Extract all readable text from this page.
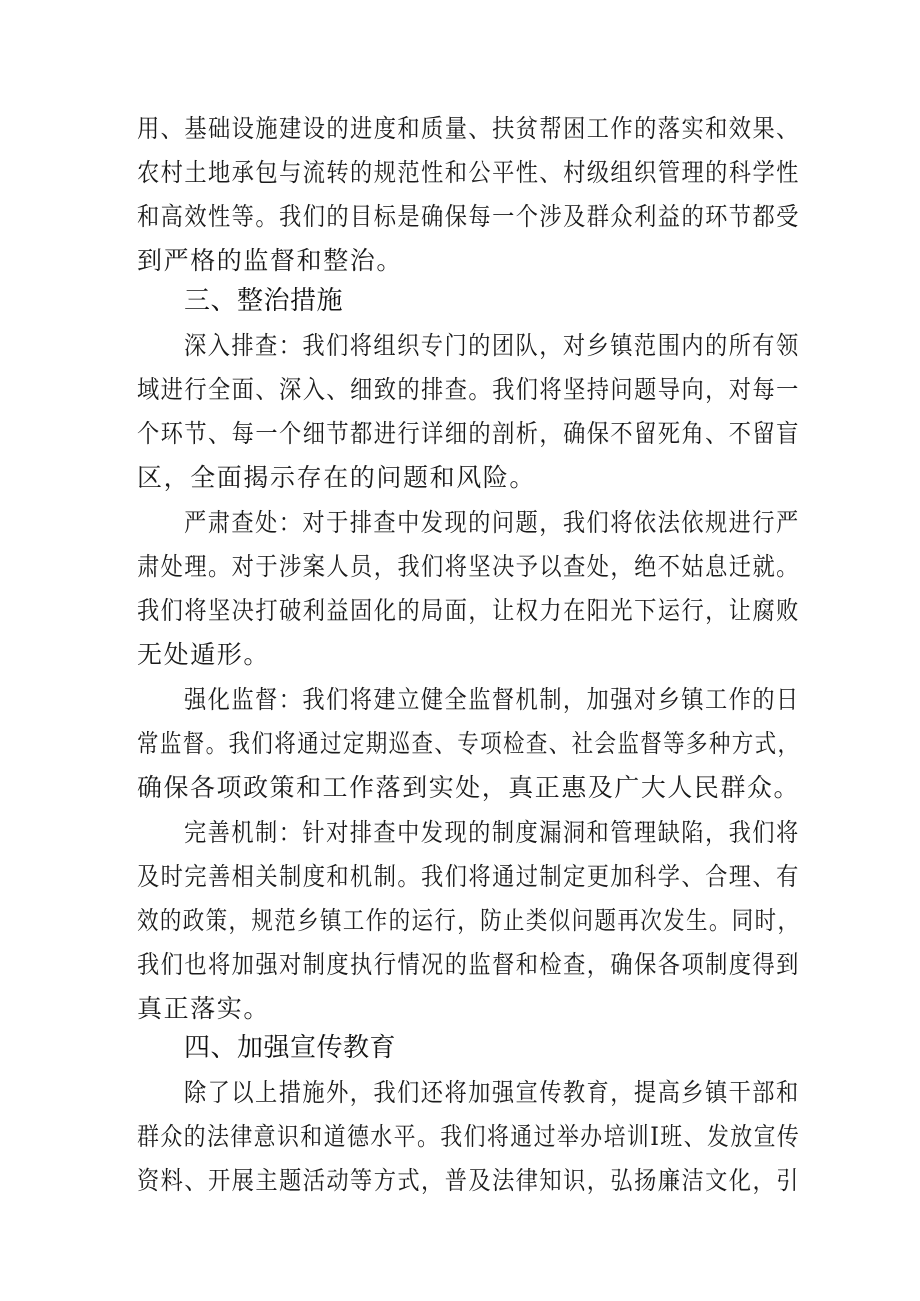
用、基础设施建设的进度和质量、扶贫帮困工作的落实和效果、
农村土地承包与流转的规范性和公平性、村级组织管理的科学性
和高效性等。我们的目标是确保每一个涉及群众利益的环节都受
到严格的监督和整治。
三、整治措施
深入排查：我们将组织专门的团队，对乡镇范围内的所有领
域进行全面、深入、细致的排查。我们将坚持问题导向，对每一
个环节、每一个细节都进行详细的剖析，确保不留死角、不留盲
区，全面揭示存在的问题和风险。
严肃查处：对于排查中发现的问题，我们将依法依规进行严
肃处理。对于涉案人员，我们将坚决予以查处，绝不姑息迁就。
我们将坚决打破利益固化的局面，让权力在阳光下运行，让腐败
无处遁形。
强化监督：我们将建立健全监督机制，加强对乡镇工作的日
常监督。我们将通过定期巡查、专项检查、社会监督等多种方式，
确保各项政策和工作落到实处，真正惠及广大人民群众。
完善机制：针对排查中发现的制度漏洞和管理缺陷，我们将
及时完善相关制度和机制。我们将通过制定更加科学、合理、有
效的政策，规范乡镇工作的运行，防止类似问题再次发生。同时，
我们也将加强对制度执行情况的监督和检查，确保各项制度得到
真正落实。
四、加强宣传教育
除了以上措施外，我们还将加强宣传教育，提高乡镇干部和
群众的法律意识和道德水平。我们将通过举办培训I班、发放宣传
资料、开展主题活动等方式，普及法律知识，弘扬廉洁文化，引
